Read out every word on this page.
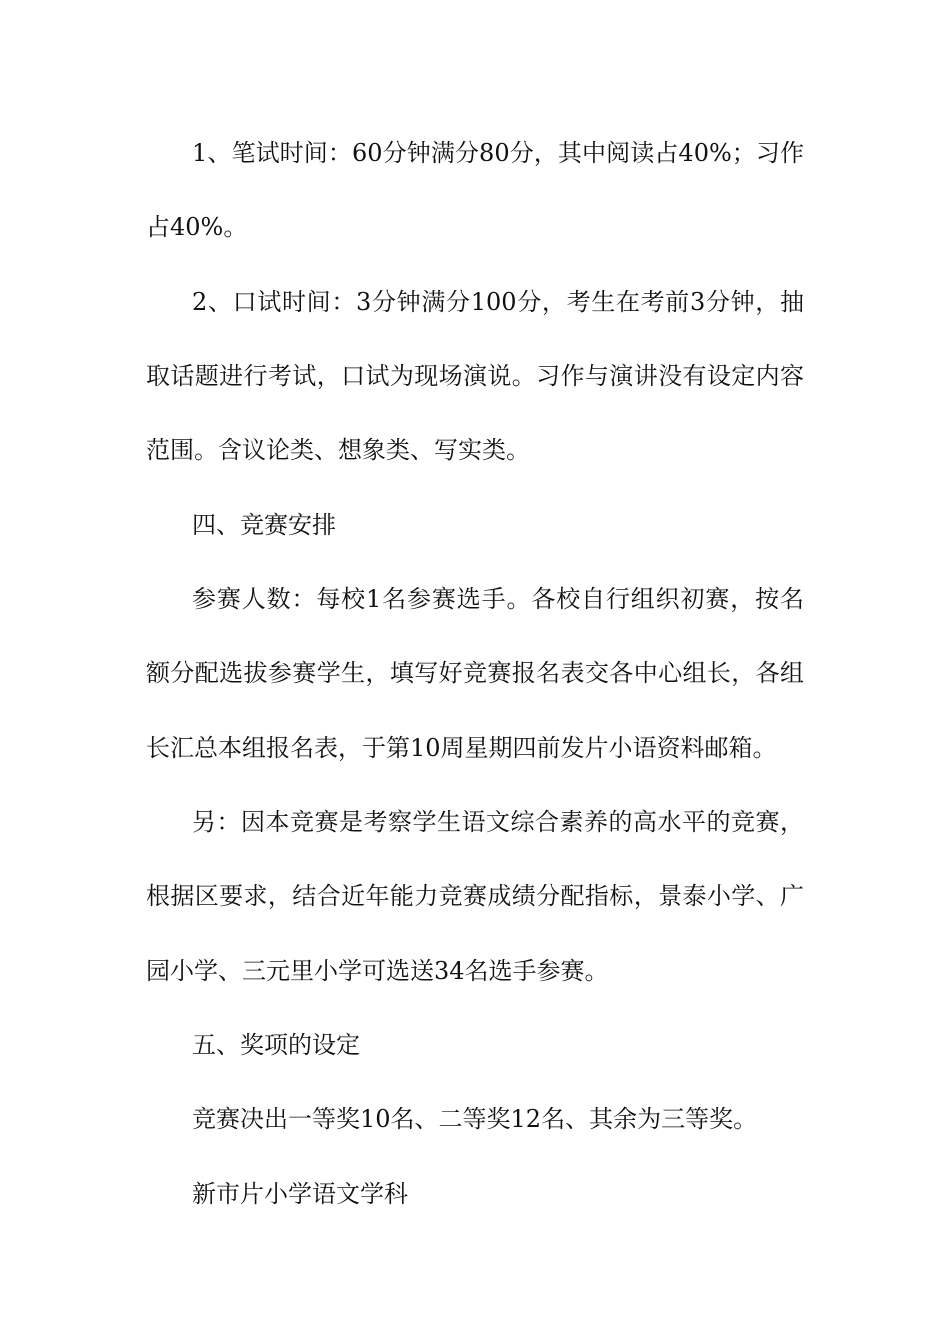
1、笔试时间：60分钟满分80分，其中阅读占40%；习作
占40%。
2、口试时间：3分钟满分100分，考生在考前3分钟，抽
取话题进行考试，口试为现场演说。习作与演讲没有设定内容
范围。含议论类、想象类、写实类。
四、竞赛安排
参赛人数：每校1名参赛选手。各校自行组织初赛，按名
额分配选拔参赛学生，填写好竞赛报名表交各中心组长，各组
长汇总本组报名表，于第10周星期四前发片小语资料邮箱。
另：因本竞赛是考察学生语文综合素养的高水平的竞赛，
根据区要求，结合近年能力竞赛成绩分配指标，景泰小学、广
园小学、三元里小学可选送34名选手参赛。
五、奖项的设定
竞赛决出一等奖10名、二等奖12名、其余为三等奖。
新市片小学语文学科
